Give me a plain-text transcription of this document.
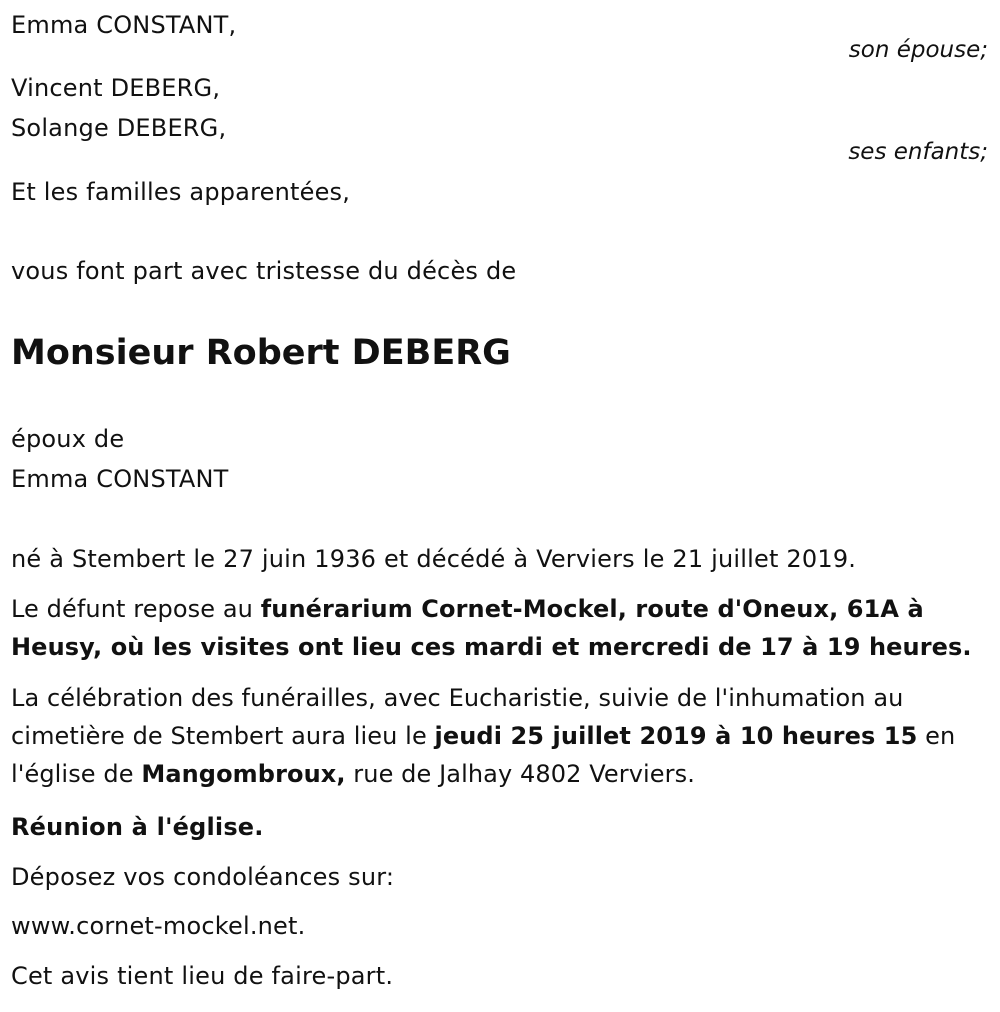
Emma CONSTANT,
son épouse;
Vincent DEBERG,
Solange DEBERG,
ses enfants;
Et les familles apparentées,
vous font part avec tristesse du décès de
Monsieur Robert DEBERG
époux de
Emma CONSTANT
né à Stembert le 27 juin 1936 et décédé à Verviers le 21 juillet 2019.
Le défunt repose au funérarium Cornet-Mockel, route d'Oneux, 61A à Heusy, où les visites ont lieu ces mardi et mercredi de 17 à 19 heures.
La célébration des funérailles, avec Eucharistie, suivie de l'inhumation au cimetière de Stembert aura lieu le jeudi 25 juillet 2019 à 10 heures 15 en l'église de Mangombroux, rue de Jalhay 4802 Verviers.
Réunion à l'église.
Déposez vos condoléances sur:
www.cornet-mockel.net.
Cet avis tient lieu de faire-part.
